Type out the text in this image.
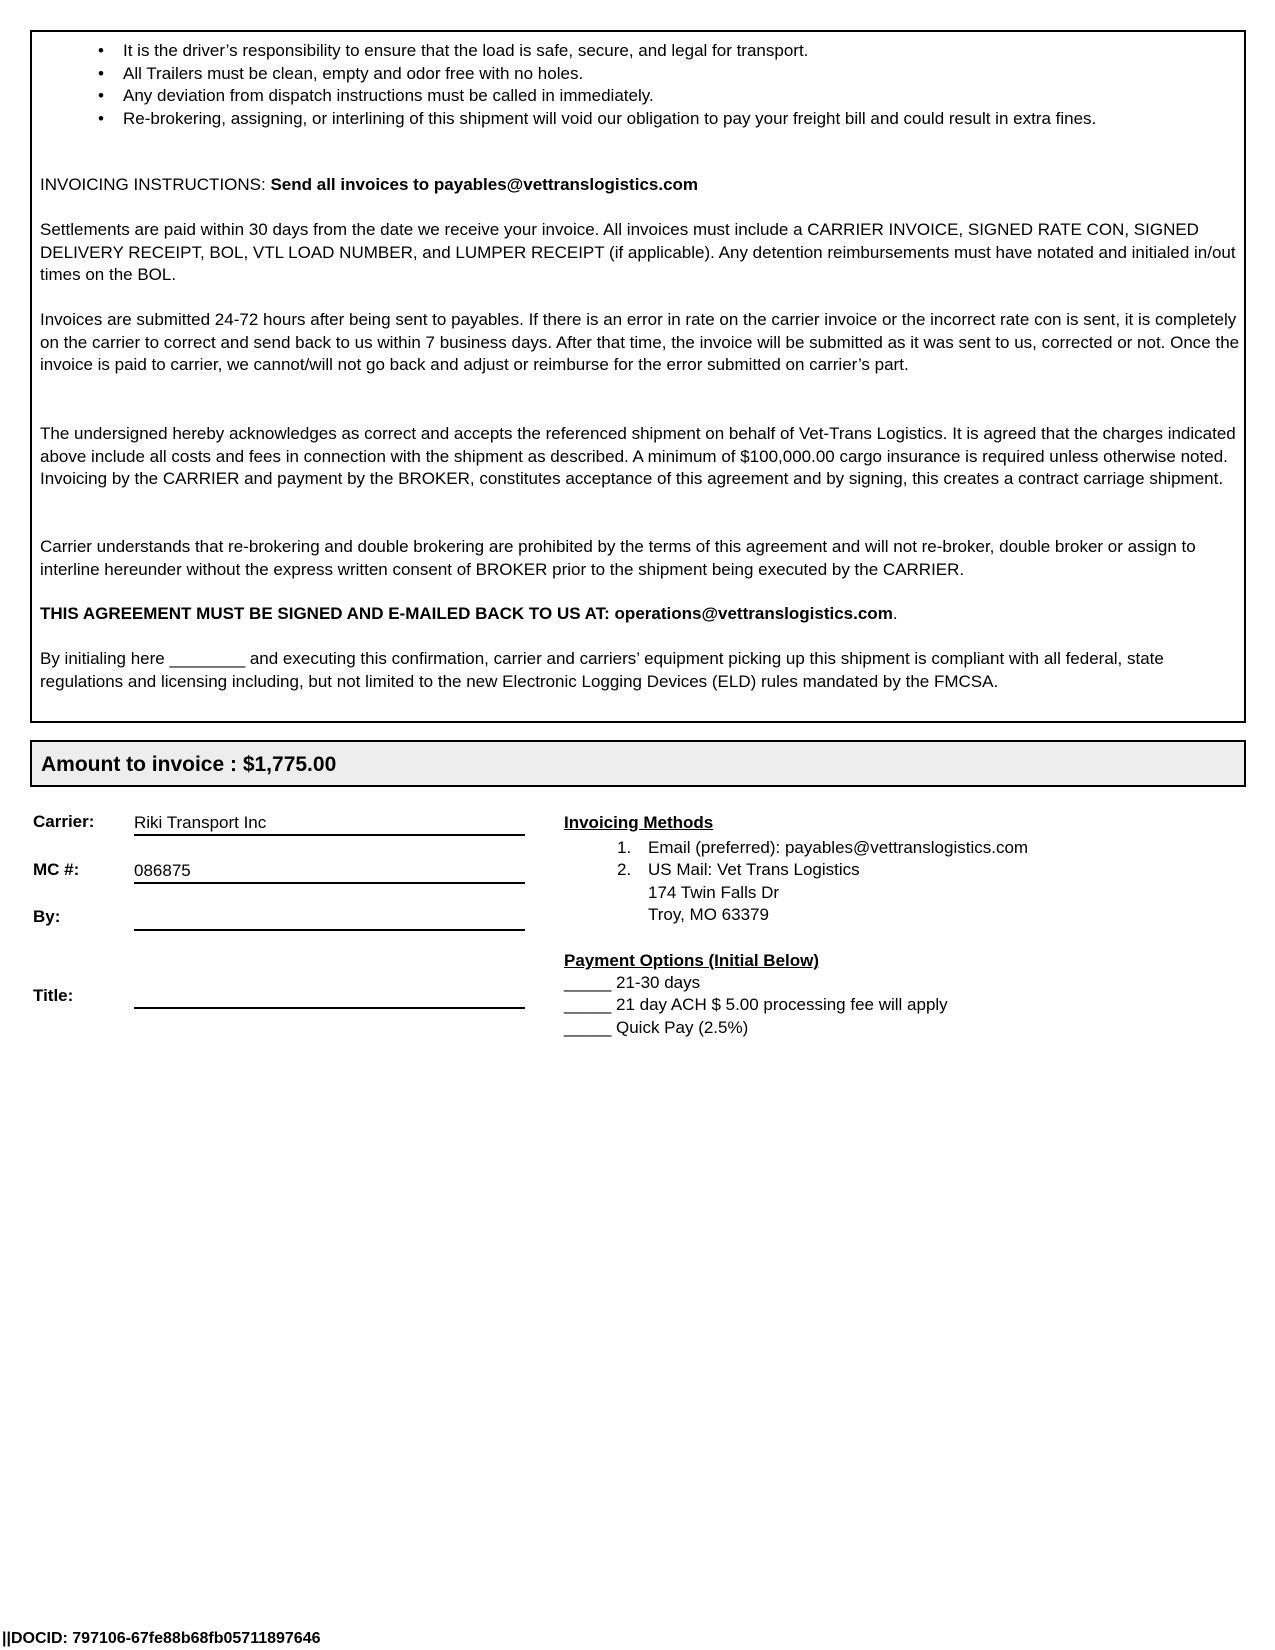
• It is the driver’s responsibility to ensure that the load is safe, secure, and legal for transport.
• All Trailers must be clean, empty and odor free with no holes.
• Any deviation from dispatch instructions must be called in immediately.
• Re-brokering, assigning, or interlining of this shipment will void our obligation to pay your freight bill and could result in extra fines.

INVOICING INSTRUCTIONS: Send all invoices to payables@vettranslogistics.com

Settlements are paid within 30 days from the date we receive your invoice. All invoices must include a CARRIER INVOICE, SIGNED RATE CON, SIGNED DELIVERY RECEIPT, BOL, VTL LOAD NUMBER, and LUMPER RECEIPT (if applicable). Any detention reimbursements must have notated and initialed in/out times on the BOL.

Invoices are submitted 24-72 hours after being sent to payables. If there is an error in rate on the carrier invoice or the incorrect rate con is sent, it is completely on the carrier to correct and send back to us within 7 business days. After that time, the invoice will be submitted as it was sent to us, corrected or not. Once the invoice is paid to carrier, we cannot/will not go back and adjust or reimburse for the error submitted on carrier’s part.

The undersigned hereby acknowledges as correct and accepts the referenced shipment on behalf of Vet-Trans Logistics. It is agreed that the charges indicated above include all costs and fees in connection with the shipment as described. A minimum of $100,000.00 cargo insurance is required unless otherwise noted. Invoicing by the CARRIER and payment by the BROKER, constitutes acceptance of this agreement and by signing, this creates a contract carriage shipment.

Carrier understands that re-brokering and double brokering are prohibited by the terms of this agreement and will not re-broker, double broker or assign to interline hereunder without the express written consent of BROKER prior to the shipment being executed by the CARRIER.

THIS AGREEMENT MUST BE SIGNED AND E-MAILED BACK TO US AT: operations@vettranslogistics.com.

By initialing here ________ and executing this confirmation, carrier and carriers’ equipment picking up this shipment is compliant with all federal, state regulations and licensing including, but not limited to the new Electronic Logging Devices (ELD) rules mandated by the FMCSA.

Amount to invoice : $1,775.00
Carrier: Riki Transport Inc
MC #:	086875
By:
Title:
Invoicing Methods
1. Email (preferred): payables@vettranslogistics.com
2. US Mail: Vet Trans Logistics
174 Twin Falls Dr
Troy, MO 63379
Payment Options (Initial Below)
_____ 21-30 days
_____ 21 day ACH $ 5.00 processing fee will apply
_____ Quick Pay (2.5%)
||DOCID: 797106-67fe88b68fb05711897646
